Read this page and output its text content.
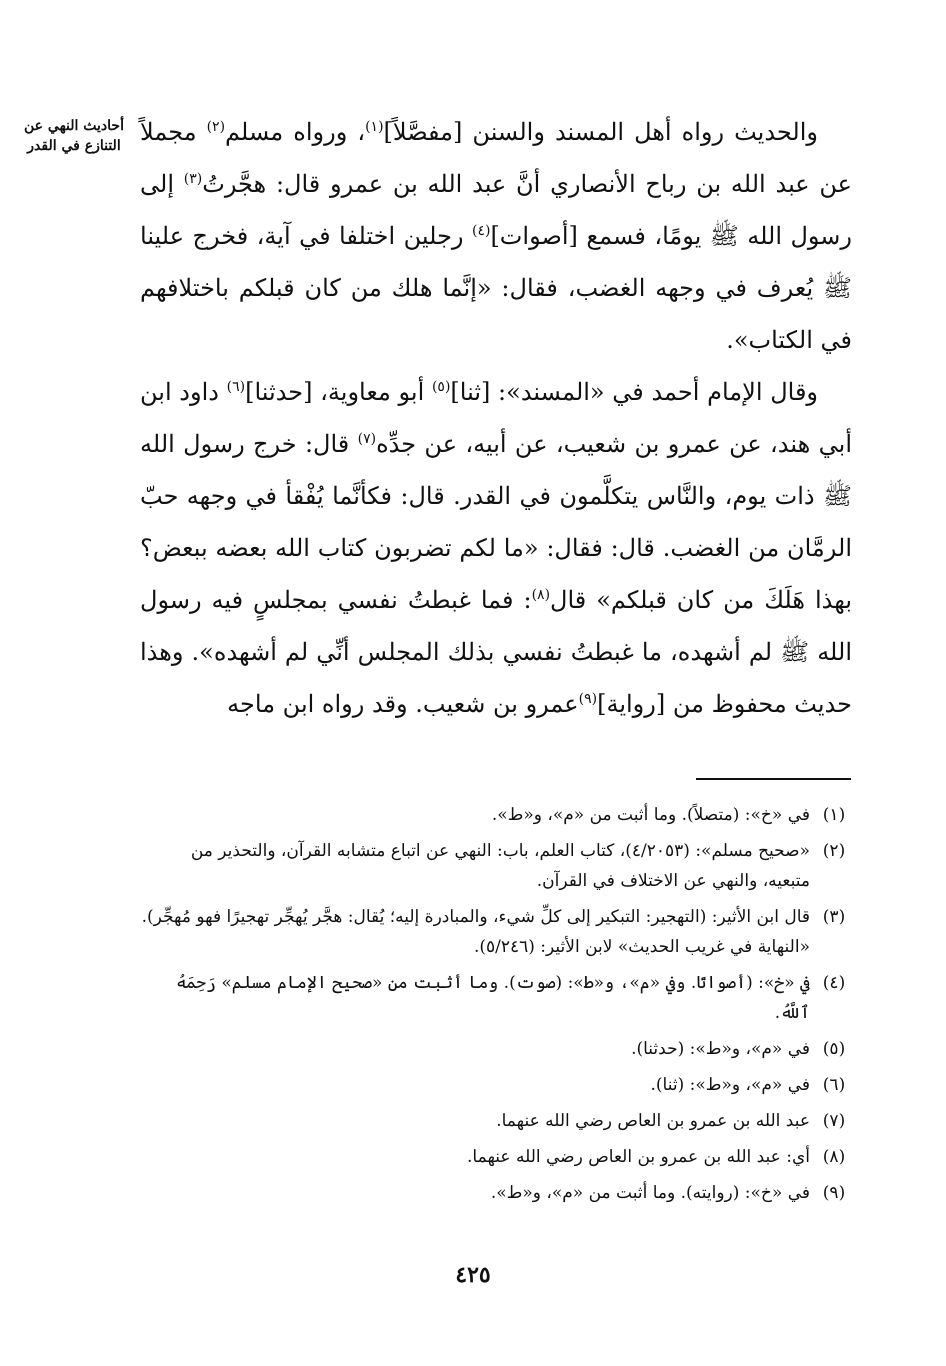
أحاديث النهي عن التنازع في القدر	والحديث رواه أهل المسند والسنن [مفصَّلاً]$^{(١)}$، ورواه مسلم$^{(٢)}$ مجملاً عن عبد الله بن رباح الأنصاري أنَّ عبد الله بن عمرو قال: هجَّرتُ$^{(٣)}$ إلى رسول الله ﷺ يومًا، فسمع [أصوات]$^{(٤)}$ رجلين اختلفا في آية، فخرج علينا ﷺ يُعرف في وجهه الغضب، فقال: «إنَّما هلك من كان قبلكم باختلافهم في الكتاب».

وقال الإمام أحمد في «المسند»: [ثنا]$^{(٥)}$ أبو معاوية، [حدثنا]$^{(٦)}$ داود ابن أبي هند، عن عمرو بن شعيب، عن أبيه، عن جدِّه$^{(٧)}$ قال: خرج رسول الله ﷺ ذات يوم، والنَّاس يتكلَّمون في القدر. قال: فكأنَّما يُفْقأ في وجهه حبّ الرمَّان من الغضب. قال: فقال: «ما لكم تضربون كتاب الله بعضه ببعض؟ بهذا هَلَكَ من كان قبلكم» قال$^{(٨)}$: فما غبطتُ نفسي بمجلسٍ فيه رسول الله ﷺ لم أشهده، ما غبطتُ نفسي بذلك المجلس أنِّي لم أشهده». وهذا حديث محفوظ من [رواية]$^{(٩)}$عمرو بن شعيب. وقد رواه ابن ماجه

(١)
في «خ»: (متصلاً). وما أثبت من «م»، و«ط».
(٢)
«صحيح مسلم»: (٤/٢٠٥٣)، كتاب العلم، باب: النهي عن اتباع متشابه القرآن، والتحذير من متبعيه، والنهي عن الاختلاف في القرآن.
(٣)
قال ابن الأثير: (التهجير: التبكير إلى كلِّ شيء، والمبادرة إليه؛ يُقال: هجَّر يُهجِّر تهجيرًا فهو مُهجِّر). «النهاية في غريب الحديث» لابن الأثير: (٥/٢٤٦).
(٤)
في «خ»: (أصواتًا. وفي «م»، و«ط»: (صوت). وما أثبت من «صحيح الإمام مسلم» رَحِمَهُ ٱللَّهُ.
(٥)
في «م»، و«ط»: (حدثنا).
(٦)
في «م»، و«ط»: (ثنا).
(٧)
عبد الله بن عمرو بن العاص رضي الله عنهما.
(٨)
أي: عبد الله بن عمرو بن العاص رضي الله عنهما.
(٩)
في «خ»: (روايته). وما أثبت من «م»، و«ط».
٤٢٥
